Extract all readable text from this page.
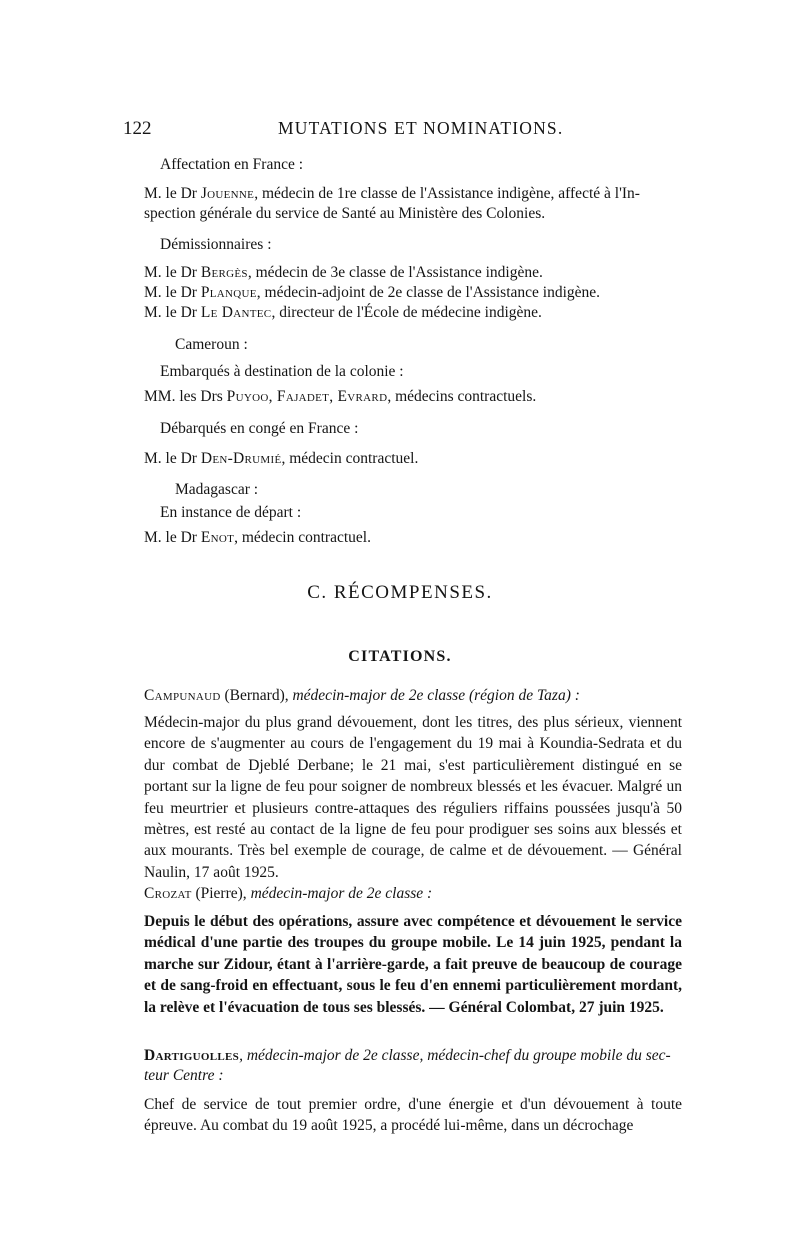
122	MUTATIONS ET NOMINATIONS.
Affectation en France :
M. le Dr Jouenne, médecin de 1re classe de l'Assistance indigène, affecté à l'In-
spection générale du service de Santé au Ministère des Colonies.
Démissionnaires :
M. le Dr Bergès, médecin de 3e classe de l'Assistance indigène.
M. le Dr Planque, médecin-adjoint de 2e classe de l'Assistance indigène.
M. le Dr Le Dantec, directeur de l'École de médecine indigène.
Cameroun :
Embarqués à destination de la colonie :
MM. les Drs Puyoo, Fajadet, Evrard, médecins contractuels.
Débarqués en congé en France :
M. le Dr Den-Drumié, médecin contractuel.
Madagascar :
En instance de départ :
M. le Dr Enot, médecin contractuel.
C. RÉCOMPENSES.
CITATIONS.
Campunaud (Bernard), médecin-major de 2e classe (région de Taza) :
Médecin-major du plus grand dévouement, dont les titres, des plus sérieux, viennent encore de s'augmenter au cours de l'engagement du 19 mai à Koundia-Sedrata et du dur combat de Djeblé Derbane; le 21 mai, s'est particulièrement distingué en se portant sur la ligne de feu pour soigner de nombreux blessés et les évacuer. Malgré un feu meurtrier et plusieurs contre-attaques des réguliers riffains poussées jusqu'à 50 mètres, est resté au contact de la ligne de feu pour prodiguer ses soins aux blessés et aux mourants. Très bel exemple de courage, de calme et de dévouement. — Général Naulin, 17 août 1925.
Crozat (Pierre), médecin-major de 2e classe :
Depuis le début des opérations, assure avec compétence et dévouement le service médical d'une partie des troupes du groupe mobile. Le 14 juin 1925, pendant la marche sur Zidour, étant à l'arrière-garde, a fait preuve de beaucoup de courage et de sang-froid en effectuant, sous le feu d'en ennemi particulièrement mordant, la relève et l'évacuation de tous ses blessés. — Général Colombat, 27 juin 1925.
Dartiguolles, médecin-major de 2e classe, médecin-chef du groupe mobile du sec-
teur Centre :
Chef de service de tout premier ordre, d'une énergie et d'un dévouement à toute épreuve. Au combat du 19 août 1925, a procédé lui-même, dans un décrochage
